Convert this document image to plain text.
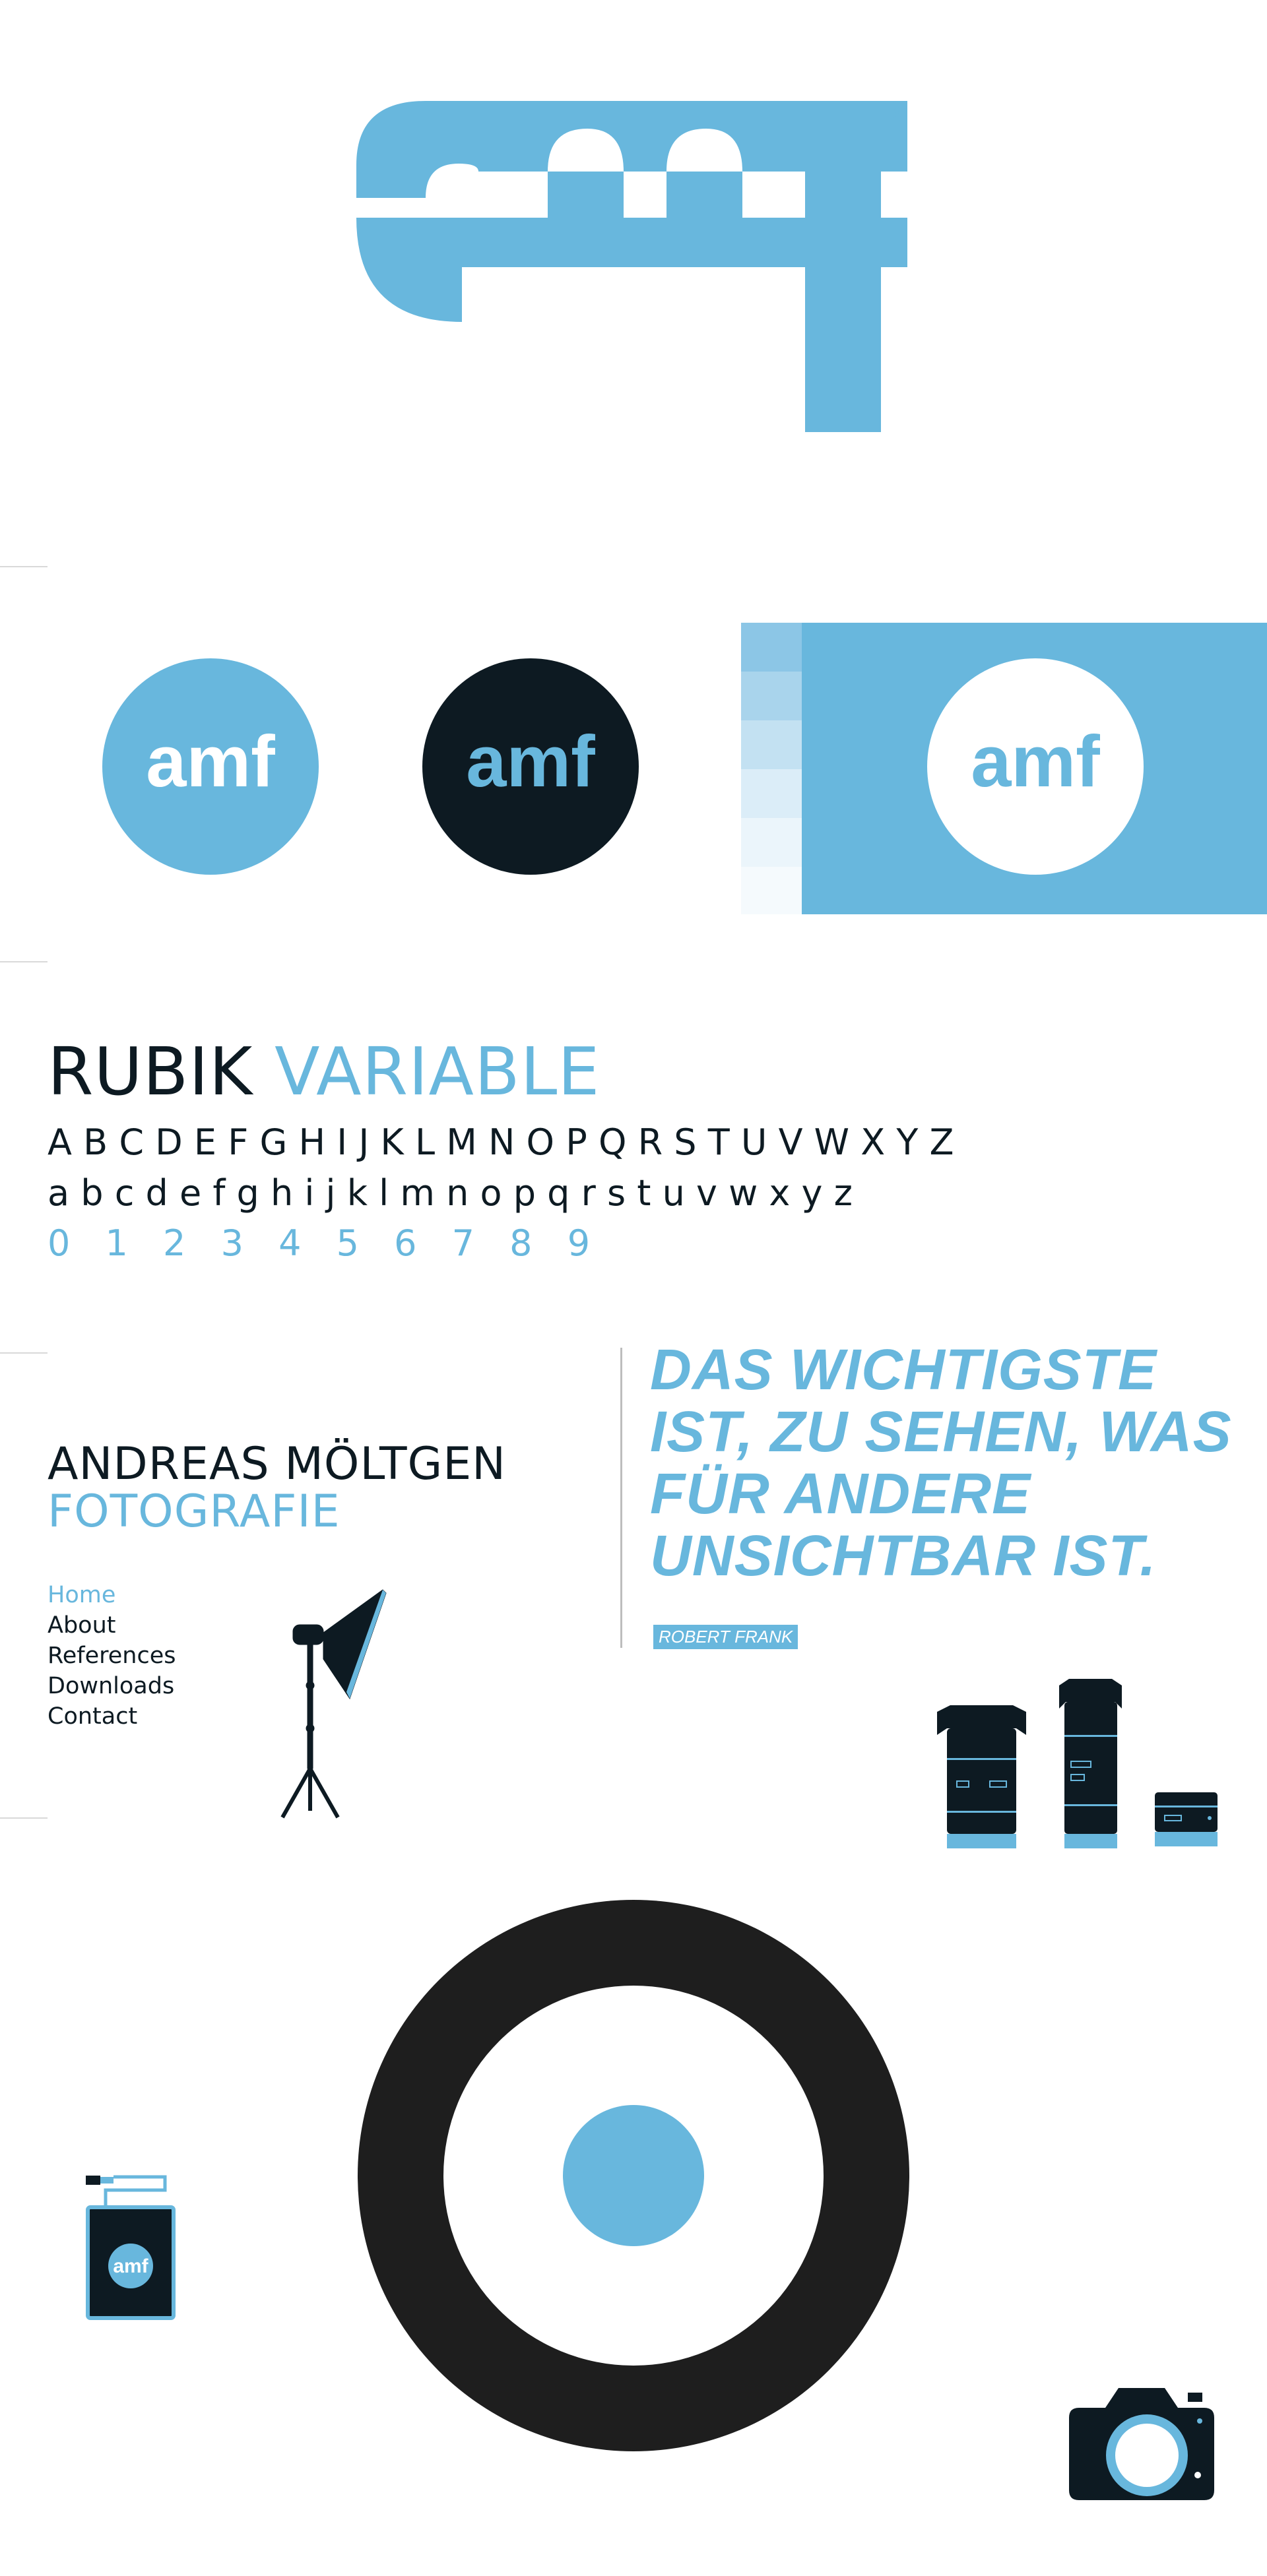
®
amf	amf	amf
RUBIK VARIABLE
A B C D E F G H I J K L M N O P Q R S T U V W X Y Z
a b c d e f g h i j k l m n o p q r s t u v w x y z
0 1 2 3 4 5 6 7 8 9
ANDREAS MÖLTGEN
FOTOGRAFIE
Home
About
References
Downloads
Contact

DAS WICHTIGSTE IST, ZU SEHEN, WAS FÜR ANDERE UNSICHTBAR IST.

ROBERT FRANK
amf
